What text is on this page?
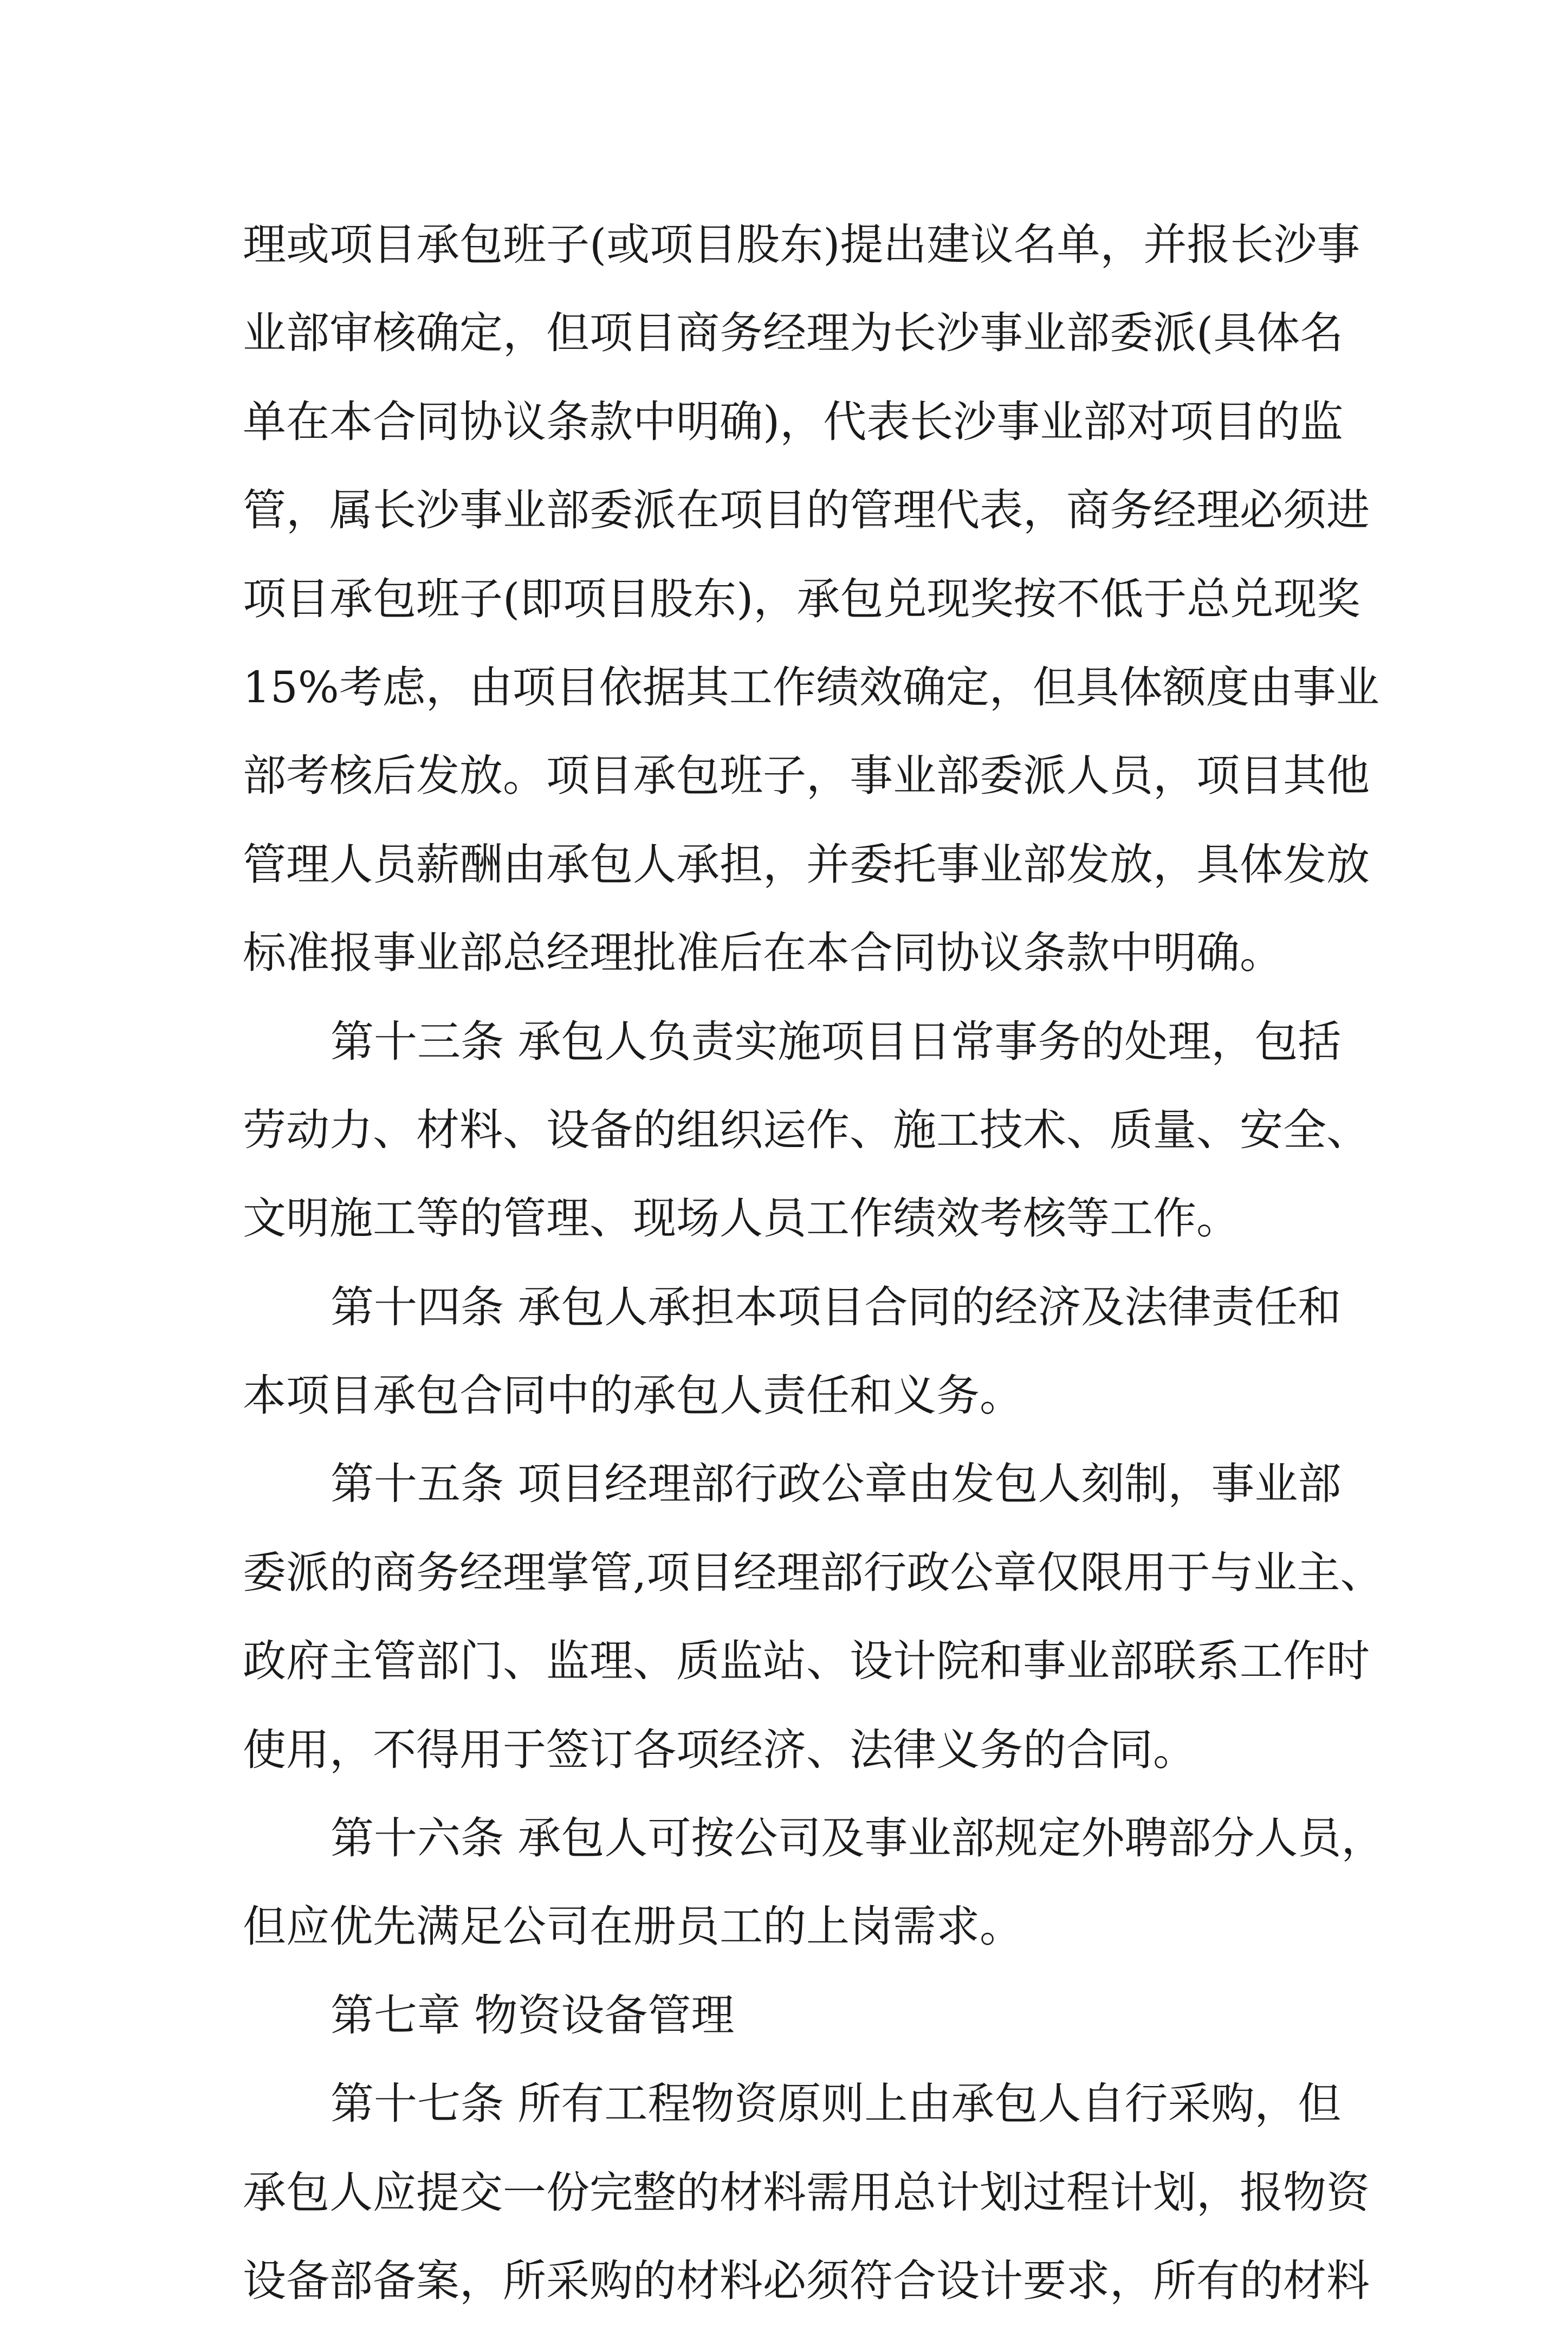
理或项目承包班子(或项目股东)提出建议名单，并报长沙事
业部审核确定，但项目商务经理为长沙事业部委派(具体名
单在本合同协议条款中明确)，代表长沙事业部对项目的监
管，属长沙事业部委派在项目的管理代表，商务经理必须进
项目承包班子(即项目股东)，承包兑现奖按不低于总兑现奖
15%考虑，由项目依据其工作绩效确定，但具体额度由事业
部考核后发放。项目承包班子，事业部委派人员，项目其他
管理人员薪酬由承包人承担，并委托事业部发放，具体发放
标准报事业部总经理批准后在本合同协议条款中明确。
第十三条 承包人负责实施项目日常事务的处理，包括
劳动力、材料、设备的组织运作、施工技术、质量、安全、
文明施工等的管理、现场人员工作绩效考核等工作。
第十四条 承包人承担本项目合同的经济及法律责任和
本项目承包合同中的承包人责任和义务。
第十五条 项目经理部行政公章由发包人刻制，事业部
委派的商务经理掌管,项目经理部行政公章仅限用于与业主、
政府主管部门、监理、质监站、设计院和事业部联系工作时
使用，不得用于签订各项经济、法律义务的合同。
第十六条 承包人可按公司及事业部规定外聘部分人员，
但应优先满足公司在册员工的上岗需求。
第七章 物资设备管理
第十七条 所有工程物资原则上由承包人自行采购，但
承包人应提交一份完整的材料需用总计划过程计划，报物资
设备部备案，所采购的材料必须符合设计要求，所有的材料
